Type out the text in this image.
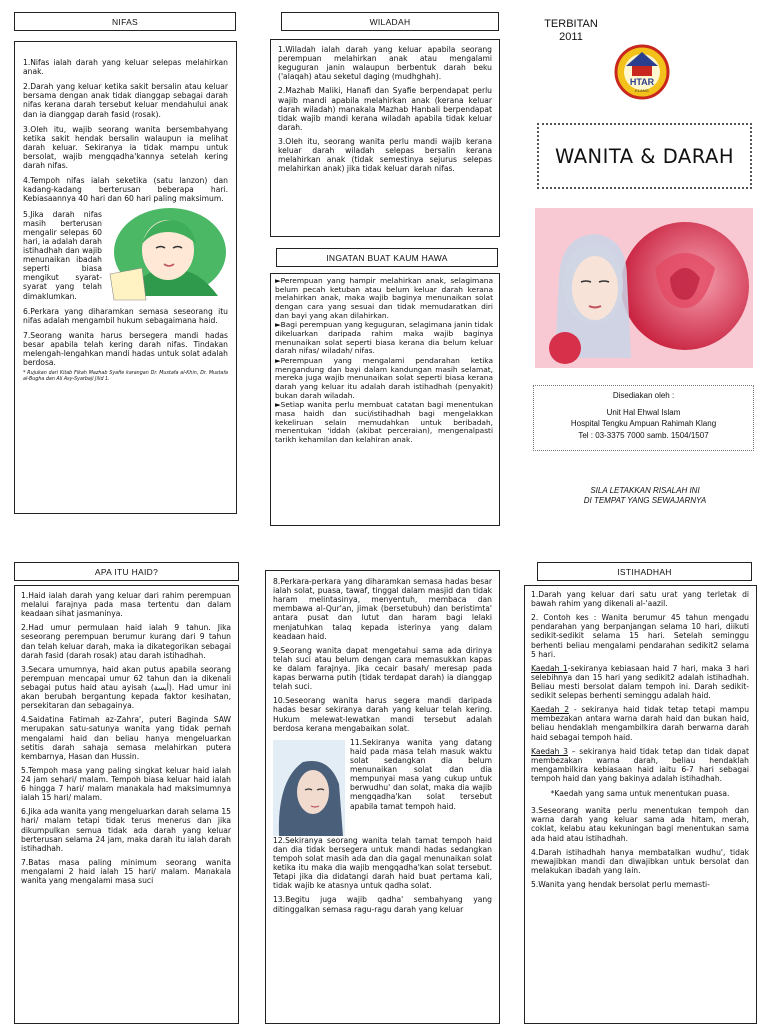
NIFAS

1.Nifas ialah darah yang keluar selepas melahirkan anak.

2.Darah yang keluar ketika sakit bersalin atau keluar bersama dengan anak tidak dianggap sebagai darah nifas kerana darah tersebut keluar mendahului anak dan ia dianggap darah fasid (rosak).

3.Oleh itu, wajib seorang wanita bersembahyang ketika sakit hendak bersalin walaupun ia melihat darah keluar. Sekiranya ia tidak mampu untuk bersolat, wajib mengqadha'kannya setelah kering darah nifas.

4.Tempoh nifas ialah seketika (satu lanzon) dan kadang-kadang berterusan beberapa hari. Kebiasaannya 40 hari dan 60 hari paling maksimum.

5.Jika darah nifas masih berterusan mengalir selepas 60 hari, ia adalah darah istihadhah dan wajib menunaikan ibadah seperti biasa mengikut syarat-syarat yang telah dimaklumkan.

6.Perkara yang diharamkan semasa seseorang itu nifas adalah mengambil hukum sebagaimana haid.

7.Seorang wanita harus bersegera mandi hadas besar apabila telah kering darah nifas. Tindakan melengah-lengahkan mandi hadas untuk solat adalah berdosa.

* Rujukan dari Kitab Fikah Mazhab Syafie karangan Dr. Mustafa al-Khin, Dr. Mustafa al-Bugha dan Ali Asy-Syarbaji Jilid 1.

WILADAH

1.Wiladah ialah darah yang keluar apabila seorang perempuan melahirkan anak atau mengalami keguguran janin walaupun berbentuk darah beku ('alaqah) atau seketul daging (mudhghah).

2.Mazhab Maliki, Hanafi dan Syafie berpendapat perlu wajib mandi apabila melahirkan anak (kerana keluar darah wiladah) manakala Mazhab Hanbali berpendapat tidak wajib mandi kerana wiladah apabila tidak keluar darah.

3.Oleh itu, seorang wanita perlu mandi wajib kerana keluar darah wiladah selepas bersalin kerana melahirkan anak (tidak semestinya sejurus selepas melahirkan anak) jika tidak keluar darah nifas.

INGATAN BUAT KAUM HAWA

►Perempuan yang hampir melahirkan anak, selagimana belum pecah ketuban atau belum keluar darah kerana melahirkan anak, maka wajib baginya menunaikan solat dengan cara yang sesuai dan tidak memudaratkan diri dan bayi yang akan dilahirkan.

►Bagi perempuan yang keguguran, selagimana janin tidak dikeluarkan daripada rahim maka wajib baginya menunaikan solat seperti biasa kerana dia belum keluar darah nifas/ wiladah/ nifas.

►Perempuan yang mengalami pendarahan ketika mengandung dan bayi dalam kandungan masih selamat, mereka juga wajib menunaikan solat seperti biasa kerana darah yang keluar itu adalah darah istihadhah (penyakit) bukan darah wiladah.

►Setiap wanita perlu membuat catatan bagi menentukan masa haidh dan suci/istihadhah bagi mengelakkan kekeliruan selain memudahkan untuk beribadah, menentukan 'iddah (akibat perceraian), mengenalpasti tarikh kehamilan dan kelahiran anak.

TERBITAN
2011
HTAR
KLANG
WANITA & DARAH
Disediakan oleh :
Unit Hal Ehwal Islam
Hospital Tengku Ampuan Rahimah Klang
Tel : 03-3375 7000 samb. 1504/1507
SILA LETAKKAN RISALAH INI
DI TEMPAT YANG SEWAJARNYA
APA ITU HAID?

1.Haid ialah darah yang keluar dari rahim perempuan melalui farajnya pada masa tertentu dan dalam keadaan sihat jasmaninya.

2.Had umur permulaan haid ialah 9 tahun. Jika seseorang perempuan berumur kurang dari 9 tahun dan telah keluar darah, maka ia dikategorikan sebagai darah fasid (darah rosak) atau darah istihadhah.

3.Secara umumnya, haid akan putus apabila seorang perempuan mencapai umur 62 tahun dan ia dikenali sebagai putus haid atau ayisah (أيسة). Had umur ini akan berubah bergantung kepada faktor kesihatan, persekitaran dan sebagainya.

4.Saidatina Fatimah az-Zahra', puteri Baginda SAW merupakan satu-satunya wanita yang tidak pernah mengalami haid dan beliau hanya mengeluarkan setitis darah sahaja semasa melahirkan putera kembarnya, Hasan dan Hussin.

5.Tempoh masa yang paling singkat keluar haid ialah 24 jam sehari/ malam. Tempoh biasa keluar haid ialah 6 hingga 7 hari/ malam manakala had maksimumnya ialah 15 hari/ malam.

6.Jika ada wanita yang mengeluarkan darah selama 15 hari/ malam tetapi tidak terus menerus dan jika dikumpulkan semua tidak ada darah yang keluar berterusan selama 24 jam, maka darah itu ialah darah istihadhah.

7.Batas masa paling minimum seorang wanita mengalami 2 haid ialah 15 hari/ malam. Manakala wanita yang mengalami masa suci

8.Perkara-perkara yang diharamkan semasa hadas besar ialah solat, puasa, tawaf, tinggal dalam masjid dan tidak haram melintasinya, menyentuh, membaca dan membawa al-Qur'an, jimak (bersetubuh) dan beristimta' antara pusat dan lutut dan haram bagi lelaki menjatuhkan talaq kepada isterinya yang dalam keadaan haid.

9.Seorang wanita dapat mengetahui sama ada dirinya telah suci atau belum dengan cara memasukkan kapas ke dalam farajnya. Jika cecair basah/ meresap pada kapas berwarna putih (tidak terdapat darah) ia dianggap telah suci.

10.Seseorang wanita harus segera mandi daripada hadas besar sekiranya darah yang keluar telah kering. Hukum melewat-lewatkan mandi tersebut adalah berdosa kerana mengabaikan solat.

11.Sekiranya wanita yang datang haid pada masa telah masuk waktu solat sedangkan dia belum menunaikan solat dan dia mempunyai masa yang cukup untuk berwudhu' dan solat, maka dia wajib mengqadha'kan solat tersebut apabila tamat tempoh haid.

12.Sekiranya seorang wanita telah tamat tempoh haid dan dia tidak bersegera untuk mandi hadas sedangkan tempoh solat masih ada dan dia gagal menunaikan solat ketika itu maka dia wajib mengqadha'kan solat tersebut. Tetapi jika dia didatangi darah haid buat pertama kali, tidak wajib ke atasnya untuk qadha solat.

13.Begitu juga wajib qadha' sembahyang yang ditinggalkan semasa ragu-ragu darah yang keluar

ISTIHADHAH

1.Darah yang keluar dari satu urat yang terletak di bawah rahim yang dikenali al-'aazil.

2. Contoh kes : Wanita berumur 45 tahun mengadu pendarahan yang berpanjangan selama 10 hari, diikuti sedikit-sedikit selama 15 hari. Setelah seminggu berhenti beliau mengalami pendarahan sedikit2 selama 5 hari.

Kaedah 1-sekiranya kebiasaan haid 7 hari, maka 3 hari selebihnya dan 15 hari yang sedikit2 adalah istihadhah. Beliau mesti bersolat dalam tempoh ini. Darah sedikit-sedikit selepas berhenti seminggu adalah haid.

Kaedah 2 - sekiranya haid tidak tetap tetapi mampu membezakan antara warna darah haid dan bukan haid, beliau hendaklah mengambilkira darah berwarna darah haid sebagai tempoh haid.

Kaedah 3 – sekiranya haid tidak tetap dan tidak dapat membezakan warna darah, beliau hendaklah mengambilkira kebiasaan haid iaitu 6-7 hari sebagai tempoh haid dan yang bakinya adalah istihadhah.

*Kaedah yang sama untuk menentukan puasa.

3.Seseorang wanita perlu menentukan tempoh dan warna darah yang keluar sama ada hitam, merah, coklat, kelabu atau kekuningan bagi menentukan sama ada haid atau istihadhah.

4.Darah istihadhah hanya membatalkan wudhu', tidak mewajibkan mandi dan diwajibkan untuk bersolat dan melakukan ibadah yang lain.

5.Wanita yang hendak bersolat perlu memasti-
